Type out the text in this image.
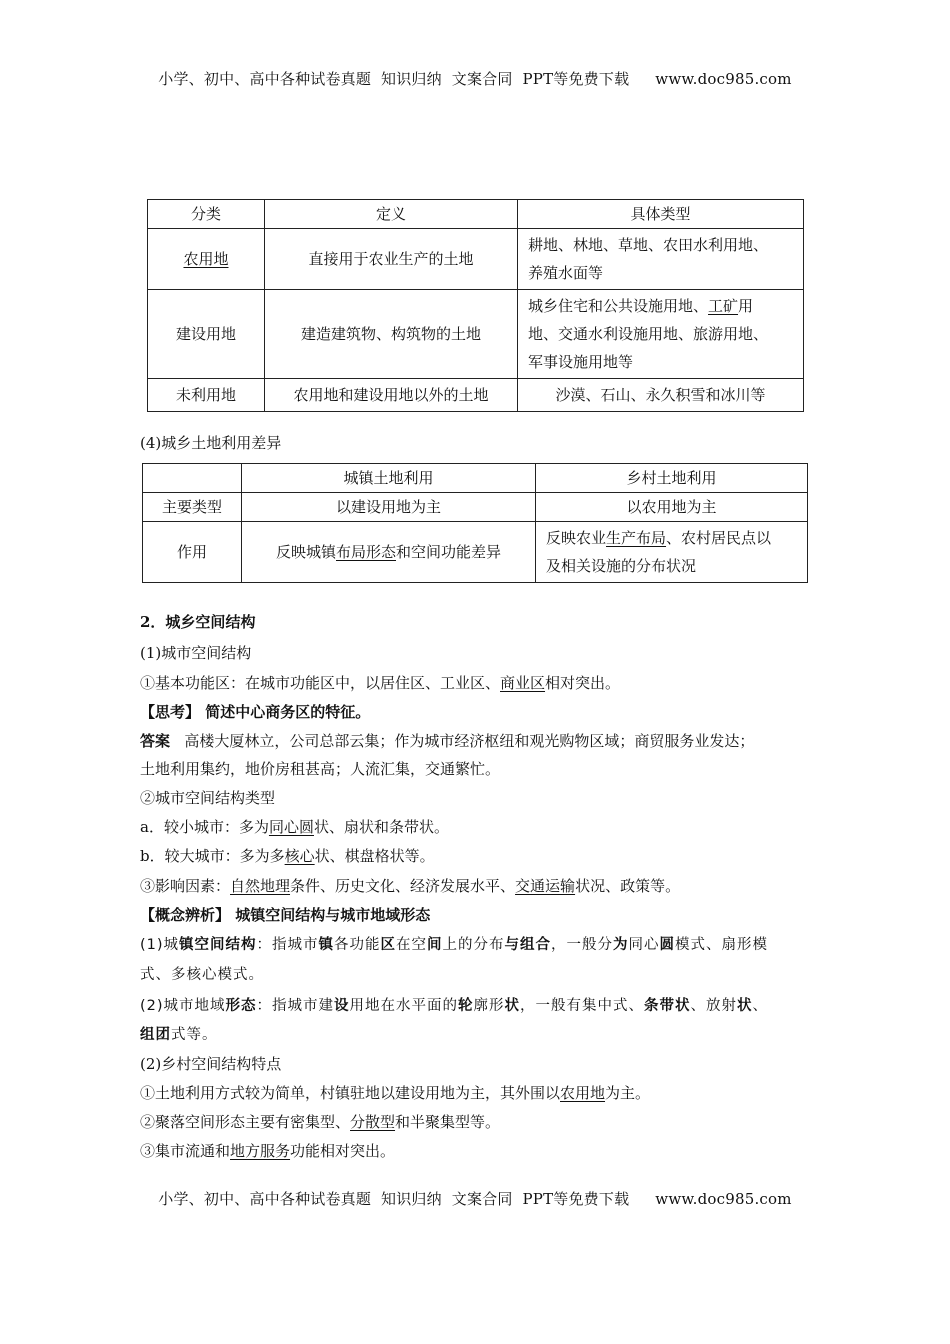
小学、初中、高中各种试卷真题  知识归纳  文案合同  PPT等免费下载 www.doc985.com
分类	定义	具体类型
农用地	直接用于农业生产的土地	耕地、林地、草地、农田水利用地、
养殖水面等
建设用地	建造建筑物、构筑物的土地	城乡住宅和公共设施用地、工矿用
地、交通水利设施用地、旅游用地、
军事设施用地等
未利用地	农用地和建设用地以外的土地	沙漠、石山、永久积雪和冰川等
(4)城乡土地利用差异
	城镇土地利用	乡村土地利用
主要类型	以建设用地为主	以农用地为主
作用	反映城镇布局形态和空间功能差异	反映农业生产布局、农村居民点以
及相关设施的分布状况
2．城乡空间结构
(1)城市空间结构
①基本功能区：在城市功能区中，以居住区、工业区、商业区相对突出。
【思考】 简述中心商务区的特征。
答案 高楼大厦林立，公司总部云集；作为城市经济枢纽和观光购物区域；商贸服务业发达；
土地利用集约，地价房租甚高；人流汇集，交通繁忙。
②城市空间结构类型
a．较小城市：多为同心圆状、扇状和条带状。
b．较大城市：多为多核心状、棋盘格状等。
③影响因素：自然地理条件、历史文化、经济发展水平、交通运输状况、政策等。
【概念辨析】 城镇空间结构与城市地域形态
(1)城镇空间结构：指城市镇各功能区在空间上的分布与组合，一般分为同心圆模式、扇形模
式、多核心模式。
(2)城市地域形态：指城市建设用地在水平面的轮廓形状，一般有集中式、条带状、放射状、
组团式等。
(2)乡村空间结构特点
①土地利用方式较为简单，村镇驻地以建设用地为主，其外围以农用地为主。
②聚落空间形态主要有密集型、分散型和半聚集型等。
③集市流通和地方服务功能相对突出。
小学、初中、高中各种试卷真题  知识归纳  文案合同  PPT等免费下载 www.doc985.com
